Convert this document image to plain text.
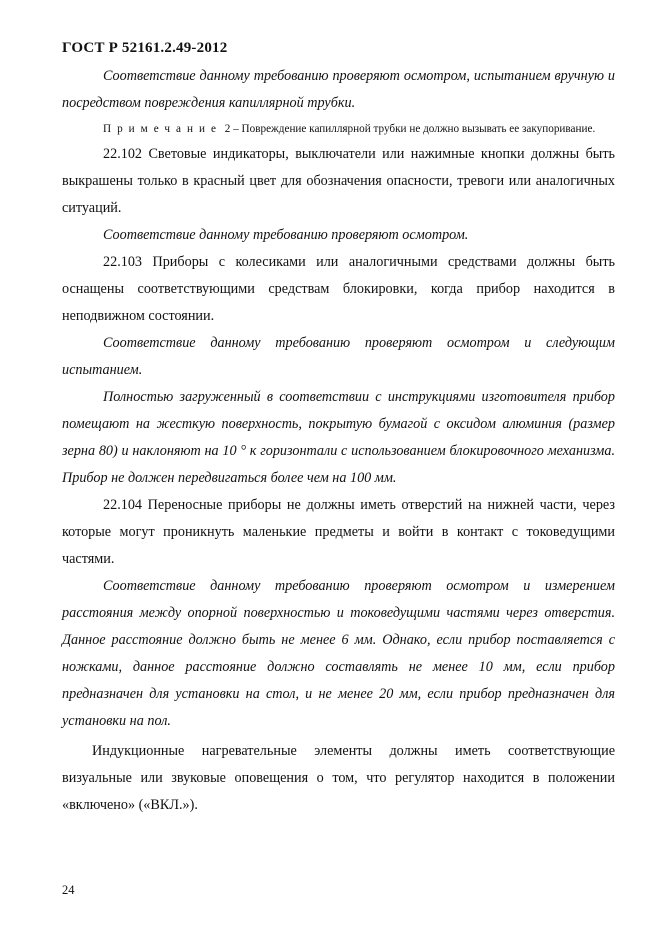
ГОСТ Р 52161.2.49-2012

Соответствие данному требованию проверяют осмотром, испытанием вручную и посредством повреждения капиллярной трубки.

Примечание 2 – Повреждение капиллярной трубки не должно вызывать ее закупоривание.

22.102 Световые индикаторы, выключатели или нажимные кнопки должны быть выкрашены только в красный цвет для обозначения опасности, тревоги или аналогичных ситуаций.

Соответствие данному требованию проверяют осмотром.

22.103 Приборы с колесиками или аналогичными средствами должны быть оснащены соответствующими средствам блокировки, когда прибор находится в неподвижном состоянии.

Соответствие данному требованию проверяют осмотром и следующим испытанием.

Полностью загруженный в соответствии с инструкциями изготовителя прибор помещают на жесткую поверхность, покрытую бумагой с оксидом алюминия (размер зерна 80) и наклоняют на 10 ° к горизонтали с использованием блокировочного механизма. Прибор не должен передвигаться более чем на 100 мм.

22.104 Переносные приборы не должны иметь отверстий на нижней части, через которые могут проникнуть маленькие предметы и войти в контакт с токоведущими частями.

Соответствие данному требованию проверяют осмотром и измерением расстояния между опорной поверхностью и токоведущими частями через отверстия. Данное расстояние должно быть не менее 6 мм. Однако, если прибор поставляется с ножками, данное расстояние должно составлять не менее 10 мм, если прибор предназначен для установки на стол, и не менее 20 мм, если прибор предназначен для установки на пол.

Индукционные нагревательные элементы должны иметь соответствующие визуальные или звуковые оповещения о том, что регулятор находится в положении «включено» («ВКЛ.»).

24
